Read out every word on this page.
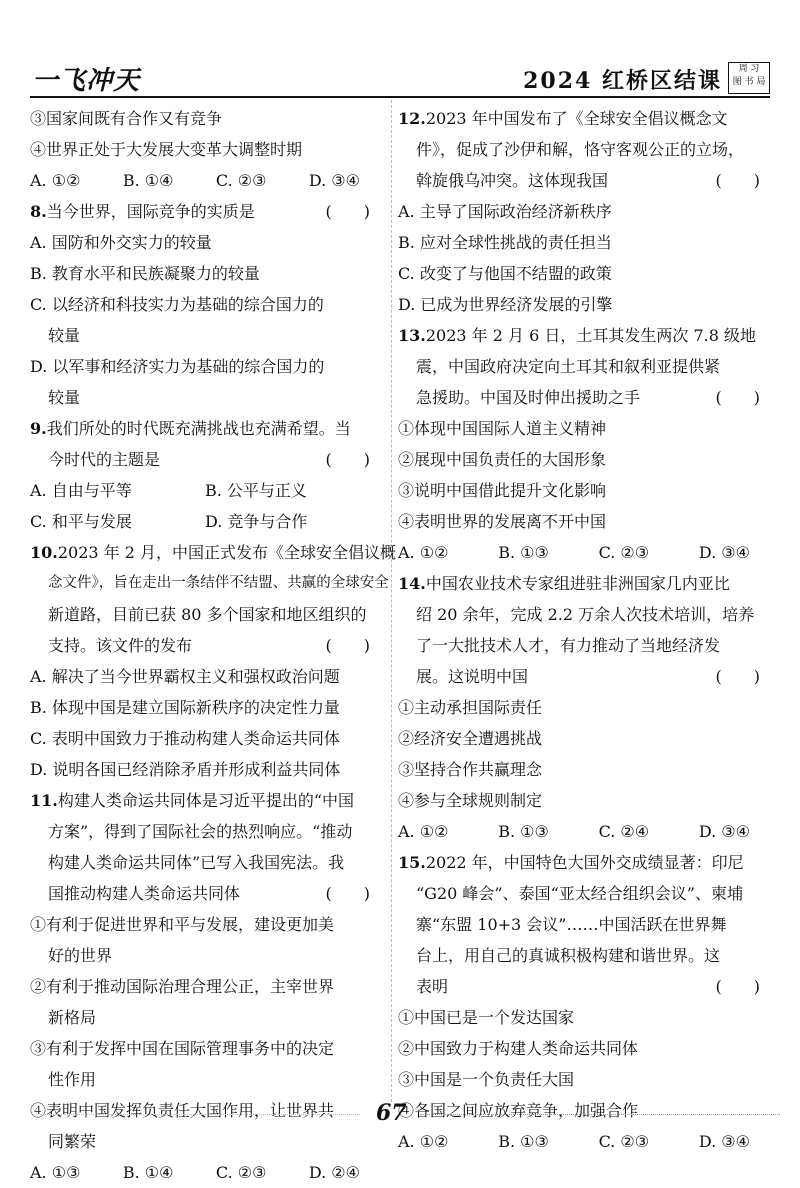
一飞冲天	2024 红桥区结课	周 习
图 书 局
③国家间既有合作又有竞争
④世界正处于大发展大变革大调整时期
A. ①②	B. ①④	C. ②③	D. ③④
8.当今世界，国际竞争的实质是	(　　)
A. 国防和外交实力的较量
B. 教育水平和民族凝聚力的较量
C. 以经济和科技实力为基础的综合国力的
较量
D. 以军事和经济实力为基础的综合国力的
较量
9.我们所处的时代既充满挑战也充满希望。当
今时代的主题是	(　　)
A. 自由与平等	B. 公平与正义
C. 和平与发展	D. 竞争与合作
10.2023 年 2 月，中国正式发布《全球安全倡议概
念文件》，旨在走出一条结伴不结盟、共赢的全球安全
新道路，目前已获 80 多个国家和地区组织的
支持。该文件的发布	(　　)
A. 解决了当今世界霸权主义和强权政治问题
B. 体现中国是建立国际新秩序的决定性力量
C. 表明中国致力于推动构建人类命运共同体
D. 说明各国已经消除矛盾并形成利益共同体
11.构建人类命运共同体是习近平提出的“中国
方案”，得到了国际社会的热烈响应。“推动
构建人类命运共同体”已写入我国宪法。我
国推动构建人类命运共同体	(　　)
①有利于促进世界和平与发展，建设更加美
好的世界
②有利于推动国际治理合理公正，主宰世界
新格局
③有利于发挥中国在国际管理事务中的决定
性作用
④表明中国发挥负责任大国作用，让世界共
同繁荣
A. ①③	B. ①④	C. ②③	D. ②④
12.2023 年中国发布了《全球安全倡议概念文
件》，促成了沙伊和解，恪守客观公正的立场，
斡旋俄乌冲突。这体现我国	(　　)
A. 主导了国际政治经济新秩序
B. 应对全球性挑战的责任担当
C. 改变了与他国不结盟的政策
D. 已成为世界经济发展的引擎
13.2023 年 2 月 6 日，土耳其发生两次 7.8 级地
震，中国政府决定向土耳其和叙利亚提供紧
急援助。中国及时伸出援助之手	(　　)
①体现中国国际人道主义精神
②展现中国负责任的大国形象
③说明中国借此提升文化影响
④表明世界的发展离不开中国
A. ①②	B. ①③	C. ②③	D. ③④
14.中国农业技术专家组进驻非洲国家几内亚比
绍 20 余年，完成 2.2 万余人次技术培训，培养
了一大批技术人才，有力推动了当地经济发
展。这说明中国	(　　)
①主动承担国际责任
②经济安全遭遇挑战
③坚持合作共赢理念
④参与全球规则制定
A. ①②	B. ①③	C. ②④	D. ③④
15.2022 年，中国特色大国外交成绩显著：印尼
“G20 峰会”、泰国“亚太经合组织会议”、柬埔
寨“东盟 10+3 会议”……中国活跃在世界舞
台上，用自己的真诚积极构建和谐世界。这
表明	(　　)
①中国已是一个发达国家
②中国致力于构建人类命运共同体
③中国是一个负责任大国
④各国之间应放弃竞争，加强合作
A. ①②	B. ①③	C. ②③	D. ③④
67
